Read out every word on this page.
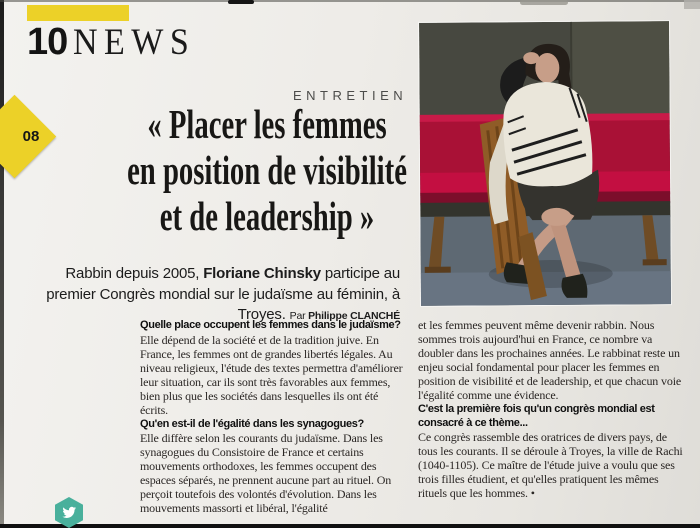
10 NEWS
08
ENTRETIEN
« Placer les femmes
en position de visibilité
et de leadership »

Rabbin depuis 2005, Floriane Chinsky participe au premier Congrès mondial sur le judaïsme au féminin, à Troyes. Par Philippe CLANCHÉ

Quelle place occupent les femmes dans le judaïsme?

Elle dépend de la société et de la tradition juive. En France, les femmes ont de grandes libertés légales. Au niveau religieux, l'étude des textes permettra d'améliorer leur situation, car ils sont très favorables aux femmes, bien plus que les sociétés dans lesquelles ils ont été écrits.

Qu'en est-il de l'égalité dans les synagogues?

Elle diffère selon les courants du judaïsme. Dans les synagogues du Consistoire de France et certains mouvements orthodoxes, les femmes occupent des espaces séparés, ne prennent aucune part au rituel. On perçoit toutefois des volontés d'évolution. Dans les mouvements massorti et libéral, l'égalité

et les femmes peuvent même devenir rabbin. Nous sommes trois aujourd'hui en France, ce nombre va doubler dans les prochaines années. Le rabbinat reste un enjeu social fondamental pour placer les femmes en position de visibilité et de leadership, et que chacun voie l'égalité comme une évidence.

C'est la première fois qu'un congrès mondial est consacré à ce thème...

Ce congrès rassemble des oratrices de divers pays, de tous les courants. Il se déroule à Troyes, la ville de Rachi (1040-1105). Ce maître de l'étude juive a voulu que ses trois filles étudient, et qu'elles pratiquent les mêmes rituels que les hommes. •
